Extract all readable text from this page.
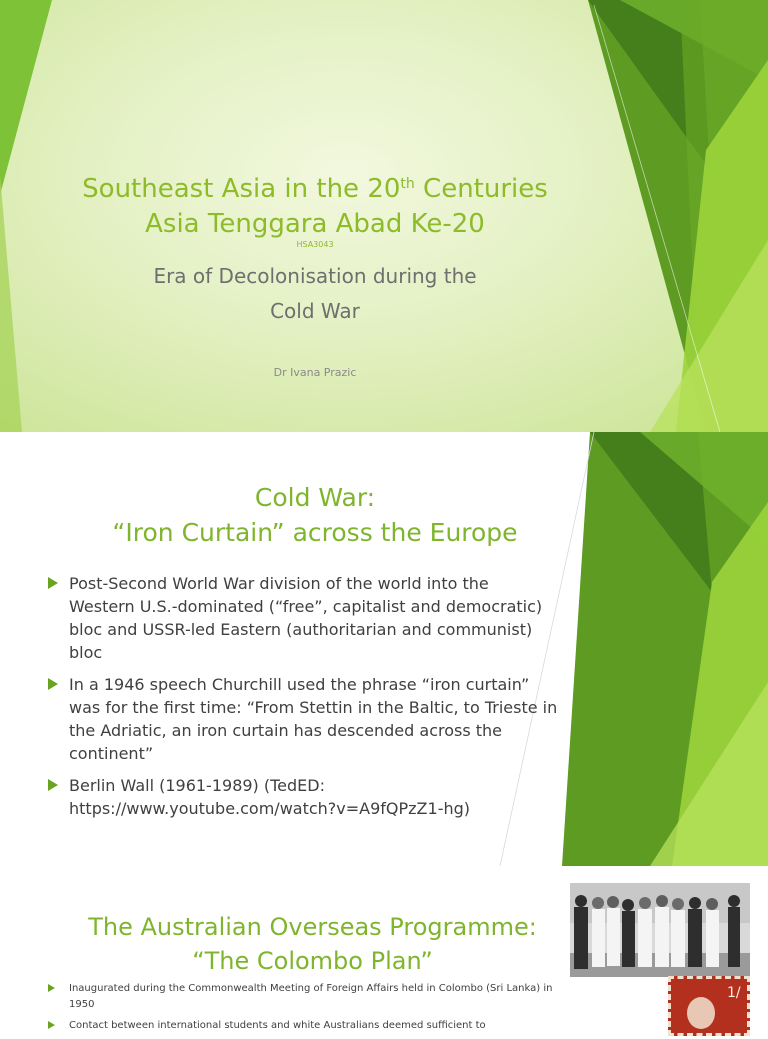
Southeast Asia in the 20th Centuries
Asia Tenggara Abad Ke-20
HSA3043
Era of Decolonisation during the
Cold War
Dr Ivana Prazic
Cold War:
“Iron Curtain” across the Europe
Post-Second World War division of the world into the Western U.S.-dominated (“free”, capitalist and democratic) bloc and USSR-led Eastern (authoritarian and communist) bloc
In a 1946 speech Churchill used the phrase “iron curtain” was for the first time: “From Stettin in the Baltic, to Trieste in the Adriatic, an iron curtain has descended across the continent”
Berlin Wall (1961-1989) (TedED: https://www.youtube.com/watch?v=A9fQPzZ1-hg)
The Australian Overseas Programme:
“The Colombo Plan”
1/
Inaugurated during the Commonwealth Meeting of Foreign Affairs held in Colombo (Sri Lanka) in 1950
Contact between international students and white Australians deemed sufficient to
